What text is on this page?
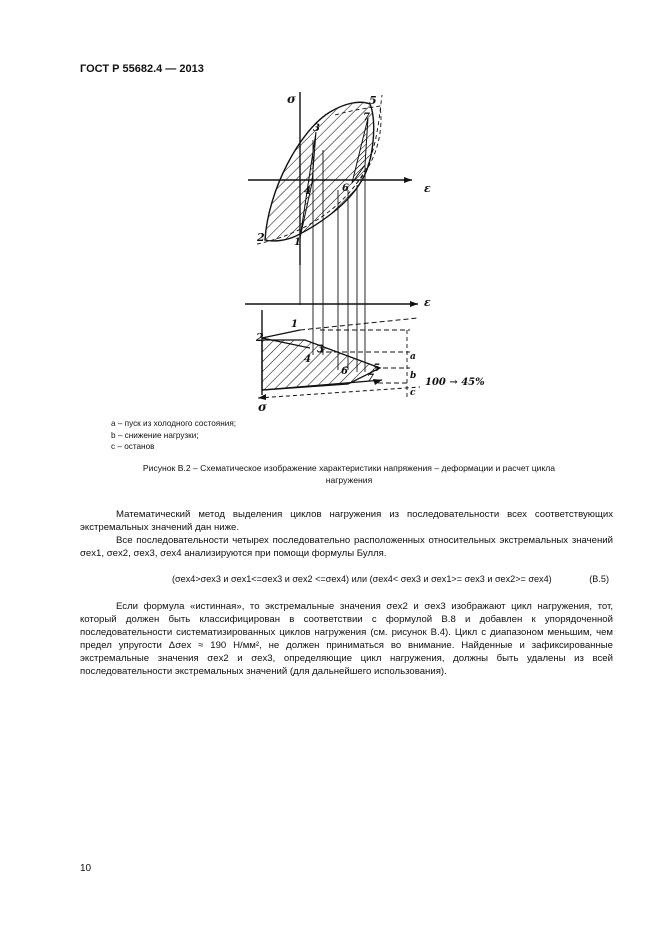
ГОСТ Р 55682.4 — 2013
σ
ε
1
2
3
4
5
6
7
ε
σ
a
b
c
100 → 45%
1
2
3
4
5
6
7
a – пуск из холодного состояния;
b – снижение нагрузки;
c – останов
Рисунок В.2 – Схематическое изображение характеристики напряжения – деформации и расчет цикла
нагружения

Математический метод выделения циклов нагружения из последовательности всех соответствующих экстремальных значений дан ниже.

Все последовательности четырех последовательно расположенных относительных экстремальных значений σex1, σex2, σex3, σex4 анализируются при помощи формулы Булля.

(σex4>σex3 и σex1<=σex3 и σex2 <=σex4) или (σex4< σex3 и σex1>= σex3 и σex2>= σex4)	(В.5)

Если формула «истинная», то экстремальные значения σex2 и σex3 изображают цикл нагружения, тот, который должен быть классифицирован в соответствии с формулой В.8 и добавлен к упорядоченной последовательности систематизированных циклов нагружения (см. рисунок В.4). Цикл с диапазоном меньшим, чем предел упругости Δσex ≈ 190 Н/мм², не должен приниматься во внимание. Найденные и зафиксированные экстремальные значения σex2 и σex3, определяющие цикл нагружения, должны быть удалены из всей последовательности экстремальных значений (для дальнейшего использования).

10
